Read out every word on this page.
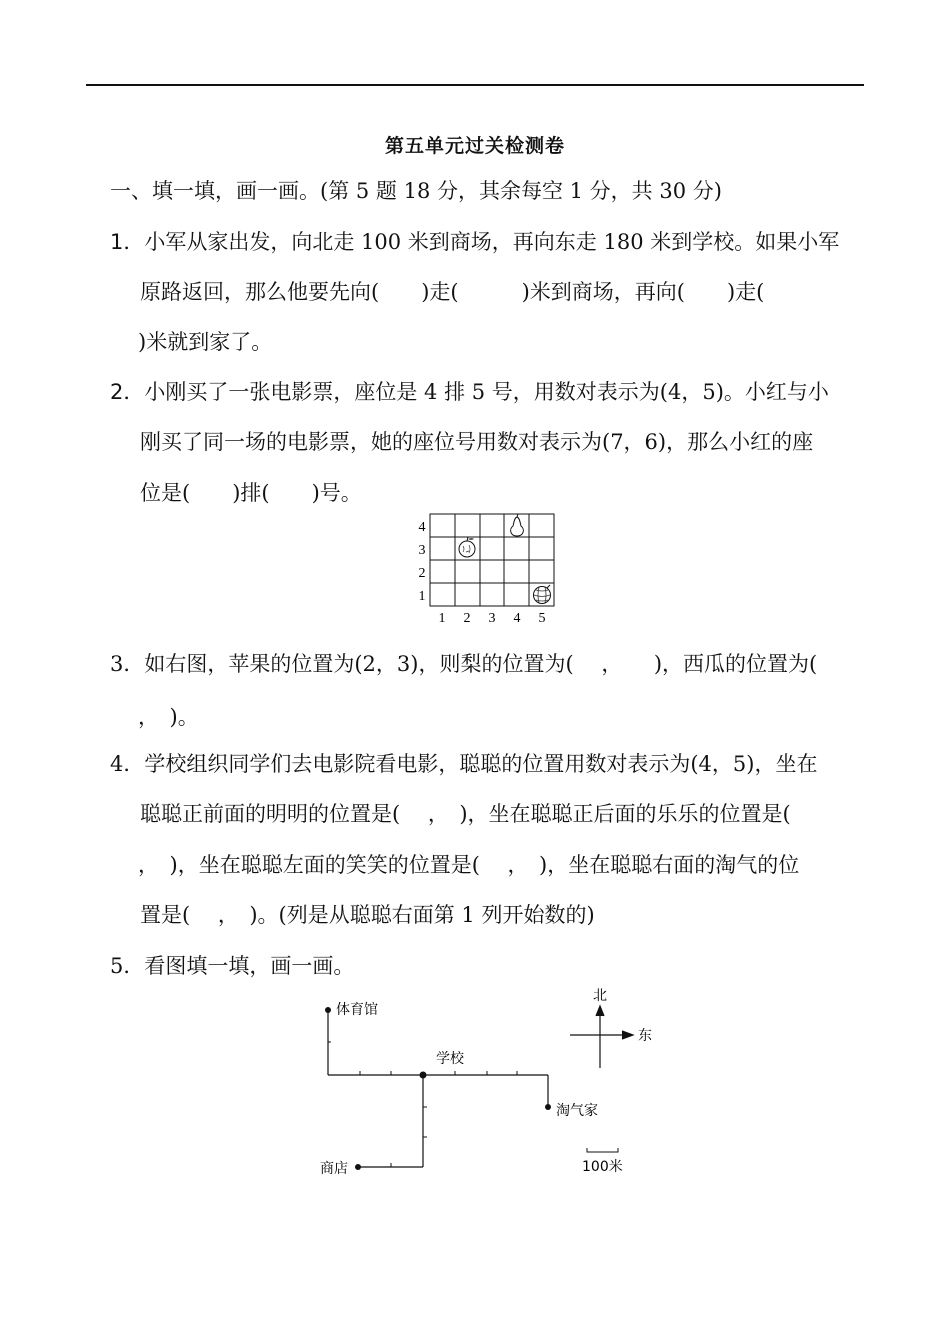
第五单元过关检测卷
一、填一填，画一画。(第 5 题 18 分，其余每空 1 分，共 30 分)
1．小军从家出发，向北走 100 米到商场，再向东走 180 米到学校。如果小军
原路返回，那么他要先向(　　)走(　　　)米到商场，再向(　　)走(
)米就到家了。
2．小刚买了一张电影票，座位是 4 排 5 号，用数对表示为(4，5)。小红与小
刚买了同一场的电影票，她的座位号用数对表示为(7，6)，那么小红的座
位是(　　)排(　　)号。
4
3
2
1
1 2 3 4 5
3．如右图，苹果的位置为(2，3)，则梨的位置为(　 ，　　)，西瓜的位置为(
，　)。
4．学校组织同学们去电影院看电影，聪聪的位置用数对表示为(4，5)，坐在
聪聪正前面的明明的位置是(　 ，　)，坐在聪聪正后面的乐乐的位置是(
，　)，坐在聪聪左面的笑笑的位置是(　 ，　)，坐在聪聪右面的淘气的位
置是(　 ，　)。(列是从聪聪右面第 1 列开始数的)
5．看图填一填，画一画。
体育馆
学校
淘气家
商店
北
东
100米
